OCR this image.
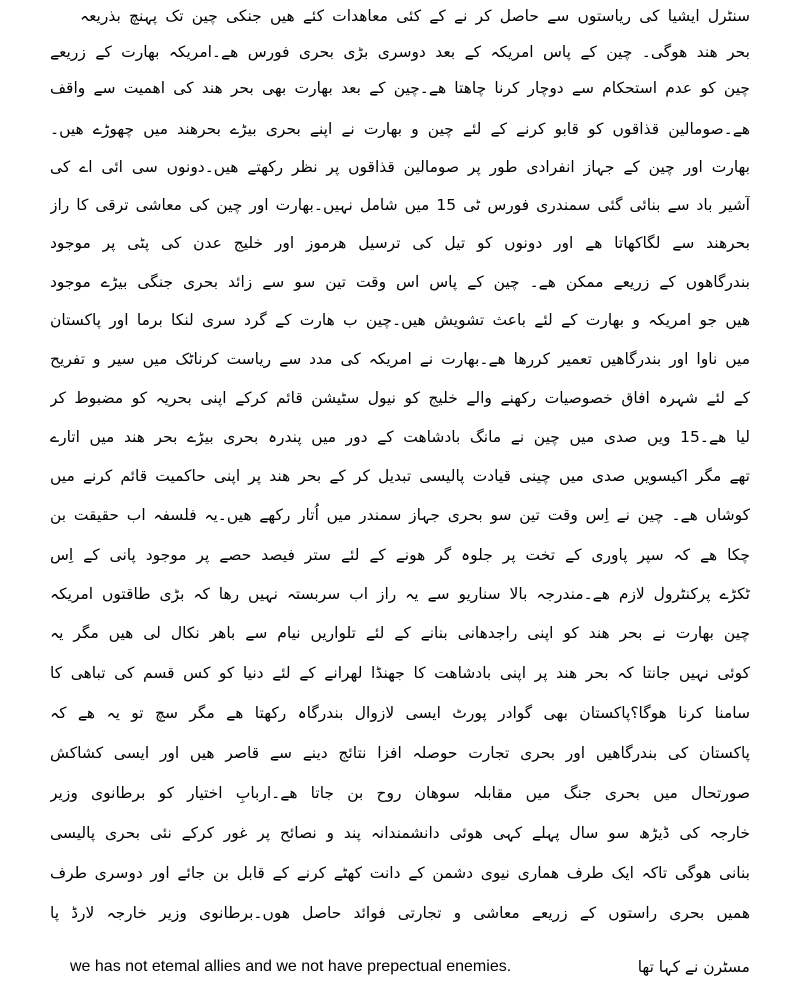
سنٹرل ایشیا کی ریاستوں سے حاصل کر نے کے کئی معاھدات کئے ھیں جنکی چین تک پہنچ بذریعہ
بحر ھند ھوگی۔ چین کے پاس امریکہ کے بعد دوسری بڑی بحری فورس ھے۔امریکہ بھارت کے زریعے
چین کو عدم استحکام سے دوچار کرنا چاھتا ھے۔چین کے بعد بھارت بھی بحر ھند کی اھمیت سے واقف
ھے۔صومالین قذاقوں کو قابو کرنے کے لئے چین و بھارت نے اپنے بحری بیڑے بحرھند میں چھوڑے ھیں۔
بھارت اور چین کے جہاز انفرادی طور پر صومالین قذاقوں پر نظر رکھتے ھیں۔دونوں سی ائی اے کی
آشیر باد سے بنائی گئی سمندری فورس ٹی 15 میں شامل نہیں۔بھارت اور چین کی معاشی ترقی کا راز
بحرھند سے لگاکھاتا ھے اور دونوں کو تیل کی ترسیل ھرموز اور خلیج عدن کی پٹی پر موجود
بندرگاھوں کے زریعے ممکن ھے۔ چین کے پاس اس وقت تین سو سے زائد بحری جنگی بیڑے موجود
ھیں جو امریکہ و بھارت کے لئے باعث تشویش ھیں۔چین ب ھارت کے گرد سری لنکا برما اور پاکستان
میں ناوا اور بندرگاھیں تعمیر کررھا ھے۔بھارت نے امریکہ کی مدد سے ریاست کرناٹک میں سیر و تفریح
کے لئے شہرہ افاق خصوصیات رکھنے والے خلیج کو نیول سٹیشن قائم کرکے اپنی بحریہ کو مضبوط کر
لیا ھے۔15 ویں صدی میں چین نے مانگ بادشاھت کے دور میں پندرہ بحری بیڑے بحر ھند میں اتارے
تھے مگر اکیسویں صدی میں چینی قیادت پالیسی تبدیل کر کے بحر ھند پر اپنی حاکمیت قائم کرنے میں
کوشاں ھے۔ چین نے اِس وقت تین سو بحری جہاز سمندر میں اُتار رکھے ھیں۔یہ فلسفہ اب حقیقت بن
چکا ھے کہ سپر پاوری کے تخت پر جلوہ گر ھونے کے لئے ستر فیصد حصے پر موجود پانی کے اِس
ٹکڑے پرکنٹرول لازم ھے۔مندرجہ بالا سناریو سے یہ راز اب سربستہ نہیں رھا کہ بڑی طاقتوں امریکہ
چین بھارت نے بحر ھند کو اپنی راجدھانی بنانے کے لئے تلواریں نیام سے باھر نکال لی ھیں مگر یہ
کوئی نہیں جانتا کہ بحر ھند پر اپنی بادشاھت کا جھنڈا لھرانے کے لئے دنیا کو کس قسم کی تباھی کا
سامنا کرنا ھوگا؟پاکستان بھی گوادر پورٹ ایسی لازوال بندرگاہ رکھتا ھے مگر سچ تو یہ ھے کہ
پاکستان کی بندرگاھیں اور بحری تجارت حوصلہ افزا نتائج دینے سے قاصر ھیں اور ایسی کشاکش
صورتحال میں بحری جنگ میں مقابلہ سوھان روح بن جاتا ھے۔اربابِ اختیار کو برطانوی وزیر
خارجہ کی ڈیڑھ سو سال پہلے کہی ھوئی دانشمندانہ پند و نصائح پر غور کرکے نئی بحری پالیسی
بنانی ھوگی تاکہ ایک طرف ھماری نیوی دشمن کے دانت کھٹے کرنے کے قابل بن جائے اور دوسری طرف
ھمیں بحری راستوں کے زریعے معاشی و تجارتی فوائد حاصل ھوں۔برطانوی وزیر خارجہ لارڈ پا
مسٹرن نے کہا تھا
we has not etemal allies and we not have prepectual enemies.
